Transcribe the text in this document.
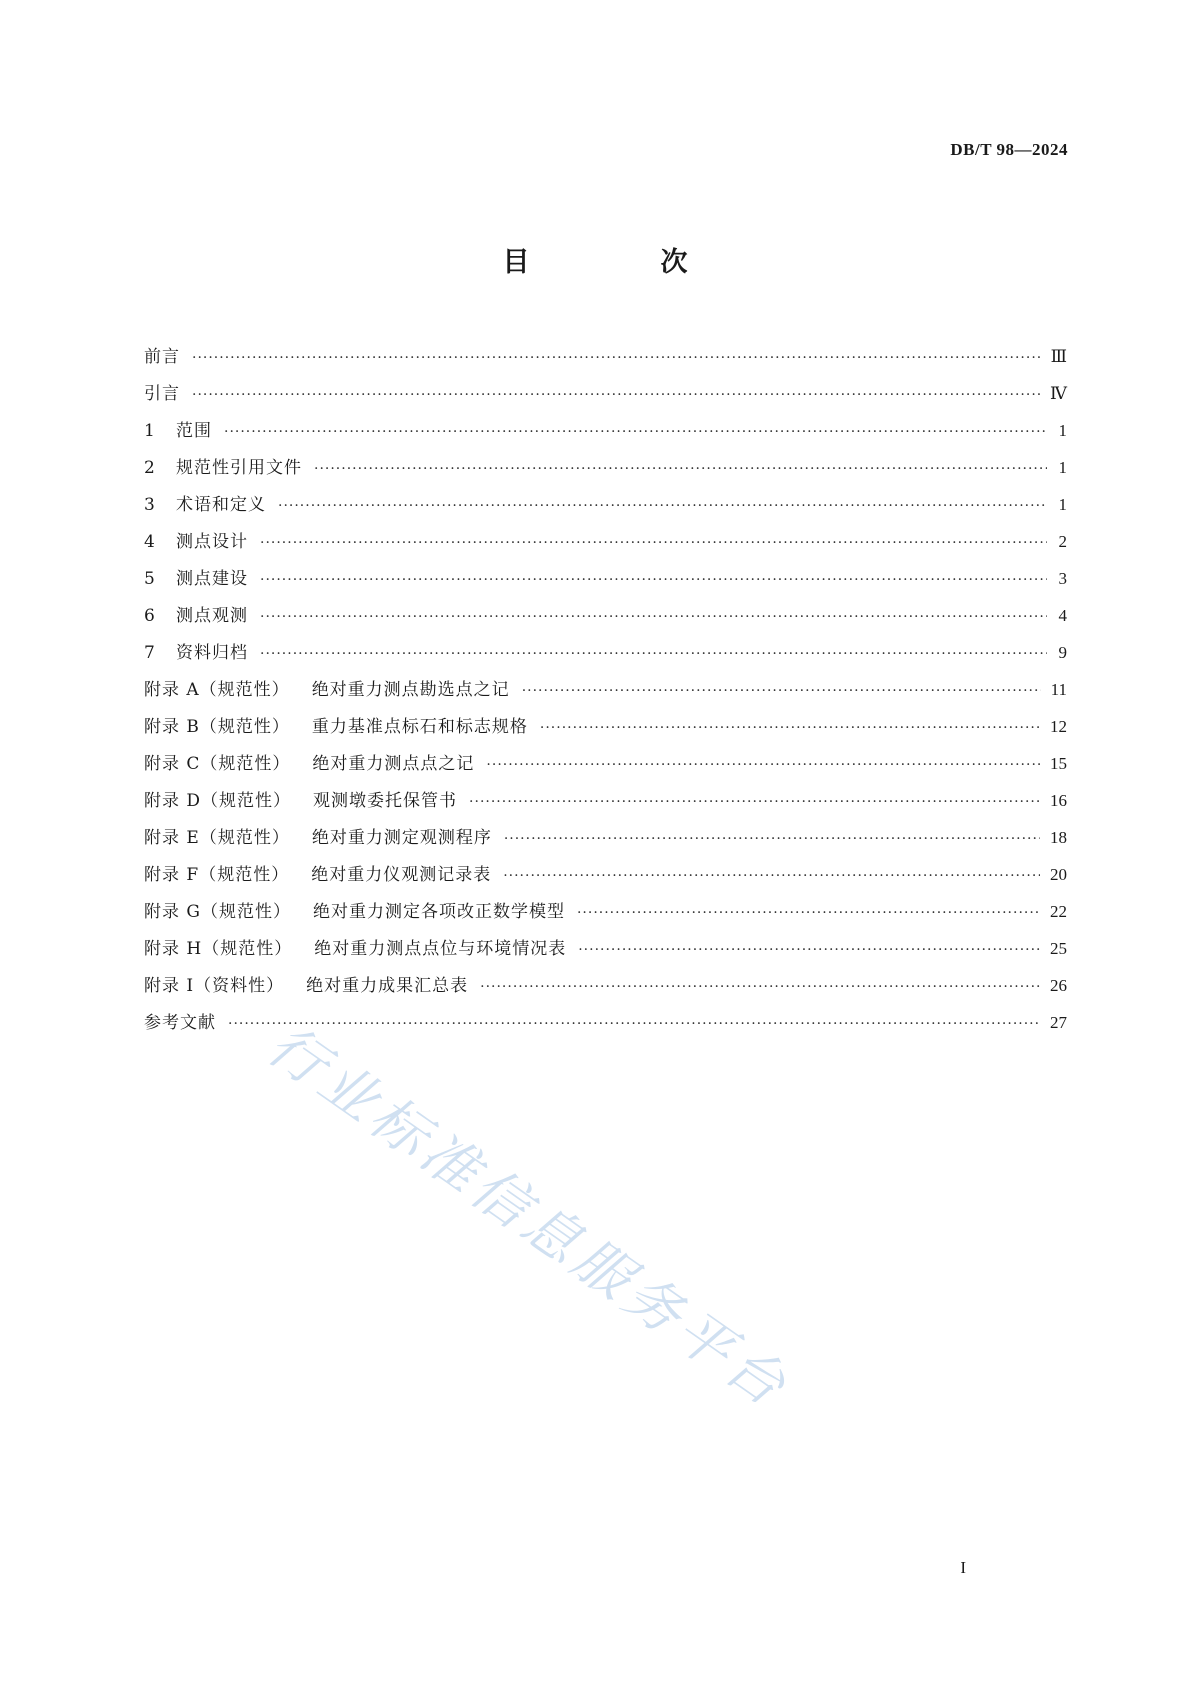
DB/T 98—2024
目　次
前言 ·····	Ⅲ
引言 ·····	Ⅳ
1	范围 ·····	1
2	规范性引用文件 ·····	1
3	术语和定义 ·····	1
4	测点设计 ·····	2
5	测点建设 ·····	3
6	测点观测 ·····	4
7	资料归档 ·····	9
附录 A（规范性） 绝对重力测点勘选点之记 ·····	11
附录 B（规范性） 重力基准点标石和标志规格 ·····	12
附录 C（规范性） 绝对重力测点点之记 ·····	15
附录 D（规范性） 观测墩委托保管书 ·····	16
附录 E（规范性） 绝对重力测定观测程序 ·····	18
附录 F（规范性） 绝对重力仪观测记录表 ·····	20
附录 G（规范性） 绝对重力测定各项改正数学模型 ·····	22
附录 H（规范性） 绝对重力测点点位与环境情况表 ·····	25
附录 I（资料性） 绝对重力成果汇总表 ·····	26
参考文献 ·····	27
行业标准信息服务平台
I
